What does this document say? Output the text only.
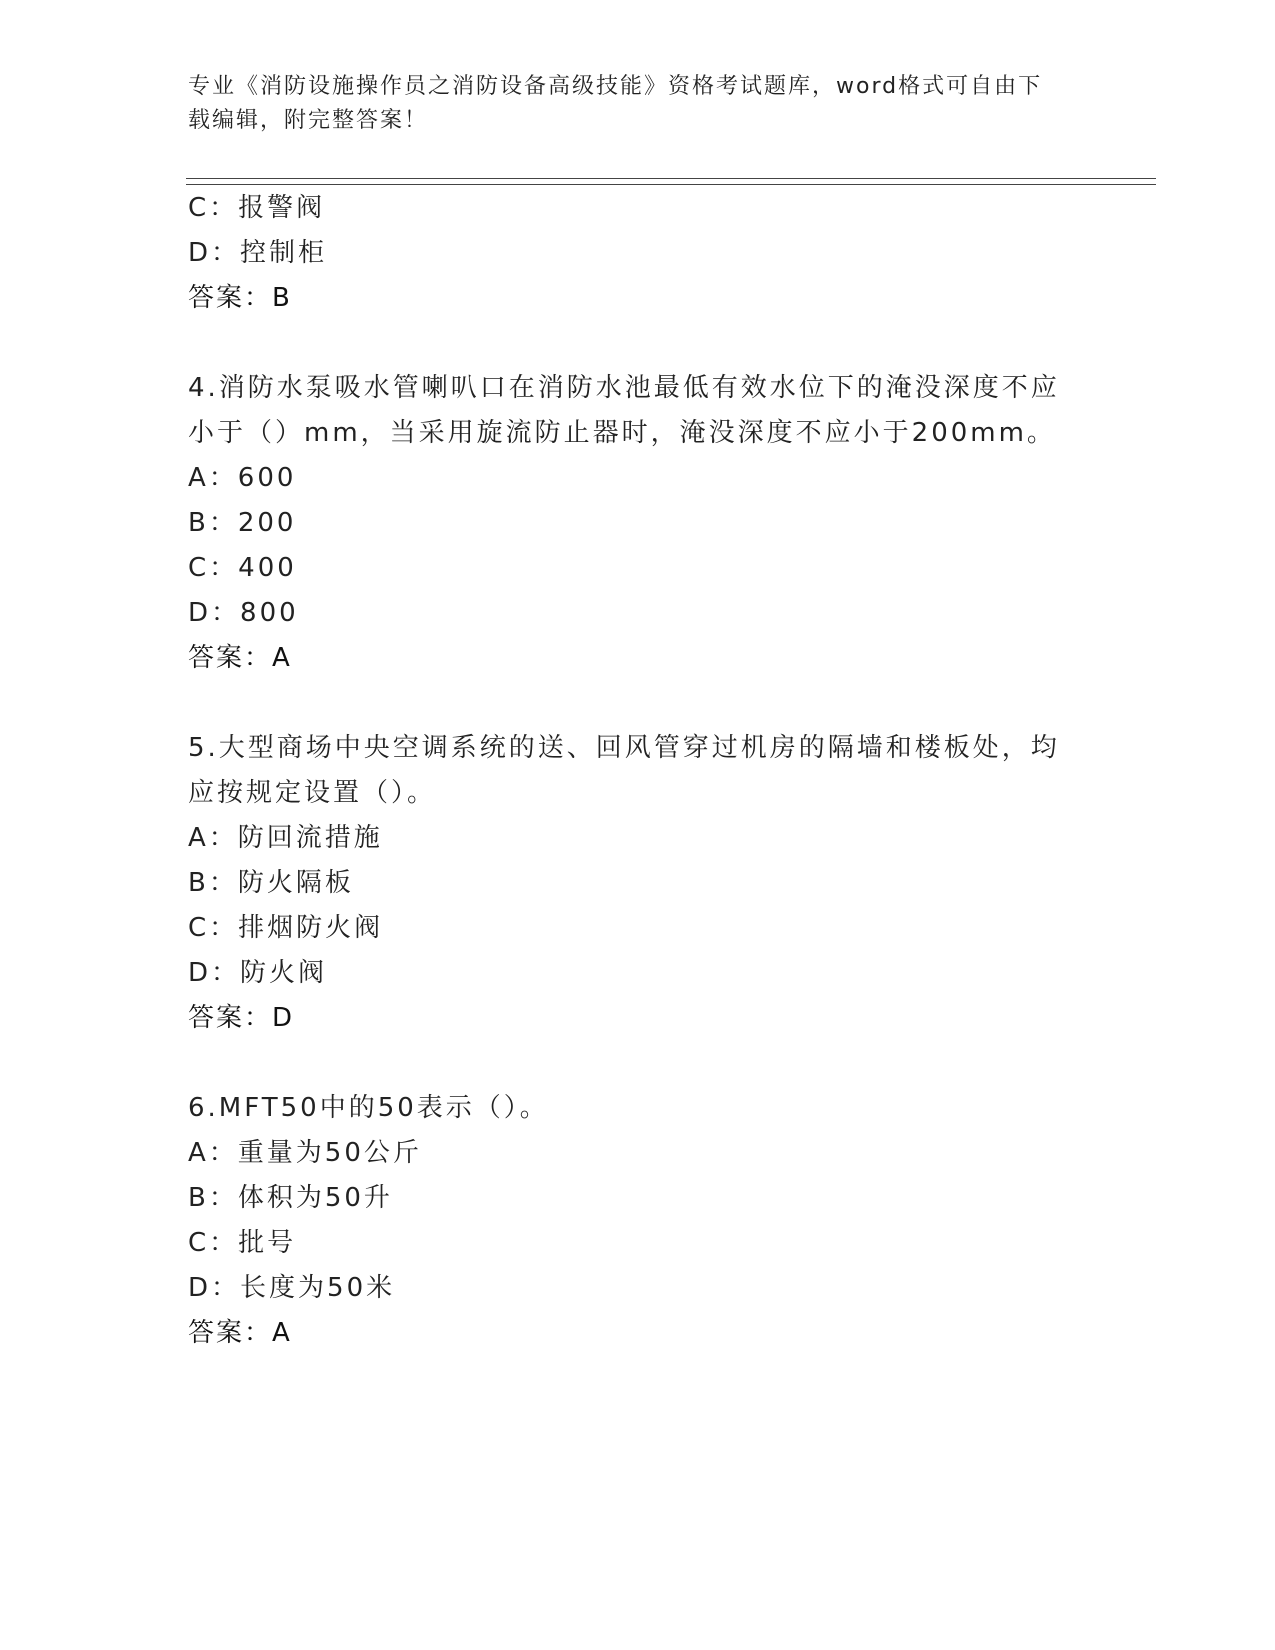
专业《消防设施操作员之消防设备高级技能》资格考试题库，word格式可自由下
载编辑，附完整答案！
C：报警阀
D：控制柜
答案：B
4.消防水泵吸水管喇叭口在消防水池最低有效水位下的淹没深度不应
小于（）mm，当采用旋流防止器时，淹没深度不应小于200mm。
A：600
B：200
C：400
D：800
答案：A
5.大型商场中央空调系统的送、回风管穿过机房的隔墙和楼板处，均
应按规定设置（）。
A：防回流措施
B：防火隔板
C：排烟防火阀
D：防火阀
答案：D
6.MFT50中的50表示（）。
A：重量为50公斤
B：体积为50升
C：批号
D：长度为50米
答案：A
